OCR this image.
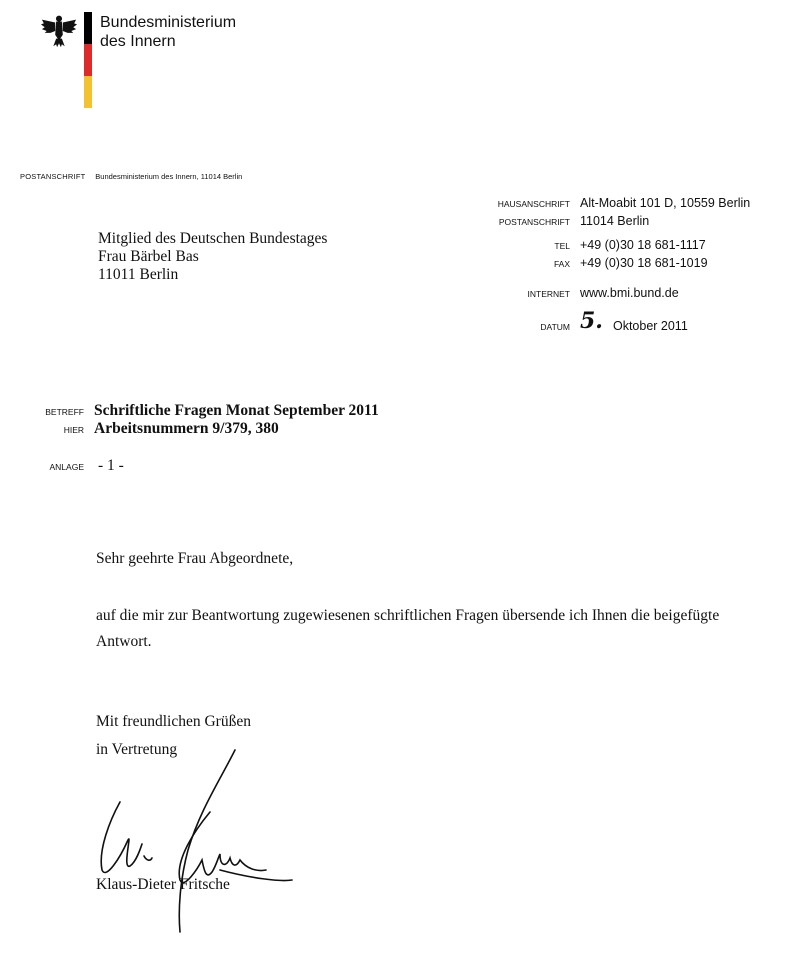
Bundesministerium
des Innern
POSTANSCHRIFT Bundesministerium des Innern, 11014 Berlin
Mitglied des Deutschen Bundestages
Frau Bärbel Bas
11011 Berlin
HAUSANSCHRIFT Alt-Moabit 101 D, 10559 Berlin
POSTANSCHRIFT 11014 Berlin
TEL +49 (0)30 18 681-1117
FAX +49 (0)30 18 681-1019
INTERNET www.bmi.bund.de
DATUM 5. Oktober 2011
BETREFF Schriftliche Fragen Monat September 2011
HIER Arbeitsnummern 9/379, 380
ANLAGE - 1 -
Sehr geehrte Frau Abgeordnete,
auf die mir zur Beantwortung zugewiesenen schriftlichen Fragen übersende ich Ihnen die beigefügte Antwort.
Mit freundlichen Grüßen
in Vertretung
Klaus-Dieter Fritsche
